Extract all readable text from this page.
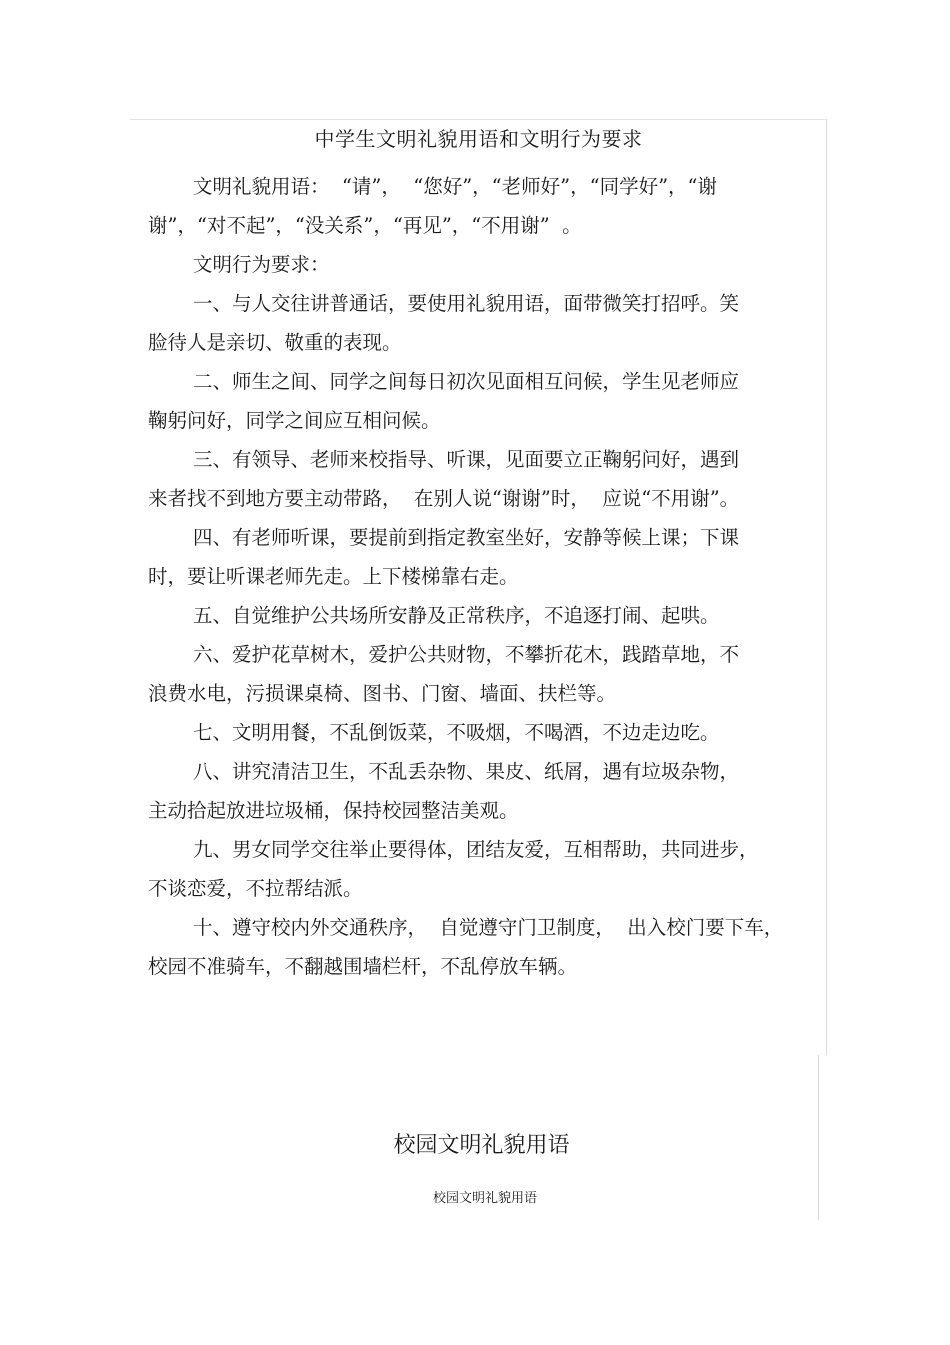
中学生文明礼貌用语和文明行为要求

文明礼貌用语：  “请”，  “您好”，“老师好”，“同学好”，“谢

谢”，“对不起”，“没关系”，“再见”，“不用谢”  。

文明行为要求：

一、与人交往讲普通话，要使用礼貌用语，面带微笑打招呼。笑

脸待人是亲切、敬重的表现。

二、师生之间、同学之间每日初次见面相互问候，学生见老师应

鞠躬问好，同学之间应互相问候。

三、有领导、老师来校指导、听课，见面要立正鞠躬问好，遇到

来者找不到地方要主动带路，  在别人说“谢谢”时，  应说“不用谢”。

四、有老师听课，要提前到指定教室坐好，安静等候上课；下课

时，要让听课老师先走。上下楼梯靠右走。

五、自觉维护公共场所安静及正常秩序，不追逐打闹、起哄。

六、爱护花草树木，爱护公共财物，不攀折花木，践踏草地，不

浪费水电，污损课桌椅、图书、门窗、墙面、扶栏等。

七、文明用餐，不乱倒饭菜，不吸烟，不喝酒，不边走边吃。

八、讲究清洁卫生，不乱丢杂物、果皮、纸屑，遇有垃圾杂物，

主动拾起放进垃圾桶，保持校园整洁美观。

九、男女同学交往举止要得体，团结友爱，互相帮助，共同进步，

不谈恋爱，不拉帮结派。

十、遵守校内外交通秩序，  自觉遵守门卫制度，  出入校门要下车，

校园不准骑车，不翻越围墙栏杆，不乱停放车辆。

校园文明礼貌用语
校园文明礼貌用语
